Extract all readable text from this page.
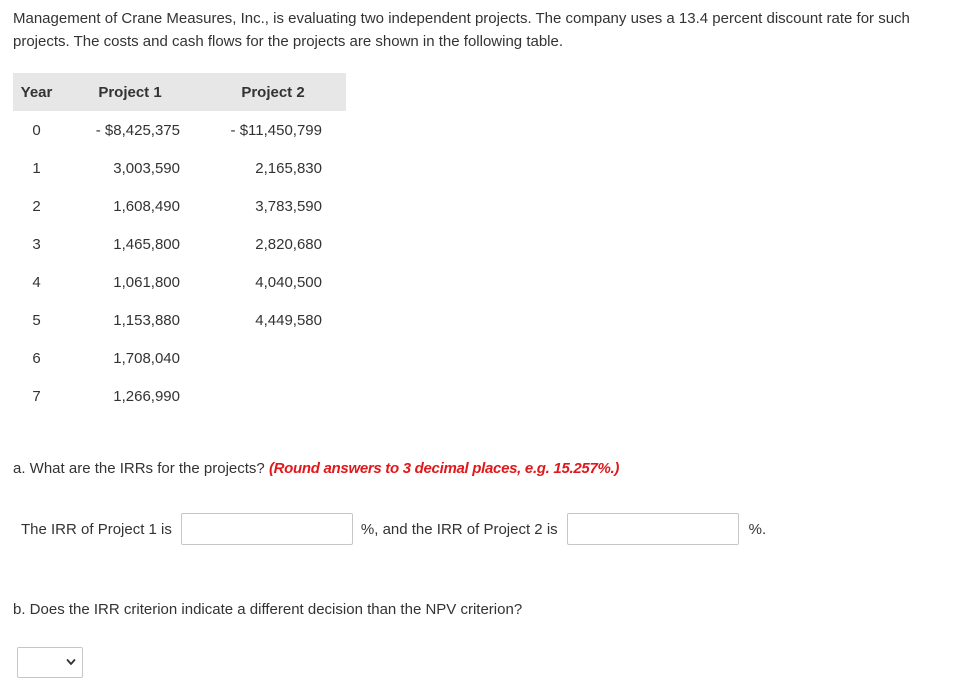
Management of Crane Measures, Inc., is evaluating two independent projects. The company uses a 13.4 percent discount rate for such projects. The costs and cash flows for the projects are shown in the following table.

Year	Project 1	Project 2
0	- $8,425,375	- $11,450,799
1	3,003,590	2,165,830
2	1,608,490	3,783,590
3	1,465,800	2,820,680
4	1,061,800	4,040,500
5	1,153,880	4,449,580
6	1,708,040	
7	1,266,990	

a. What are the IRRs for the projects? (Round answers to 3 decimal places, e.g. 15.257%.)

The IRR of Project 1 is	%, and the IRR of Project 2 is	%.

b. Does the IRR criterion indicate a different decision than the NPV criterion?
